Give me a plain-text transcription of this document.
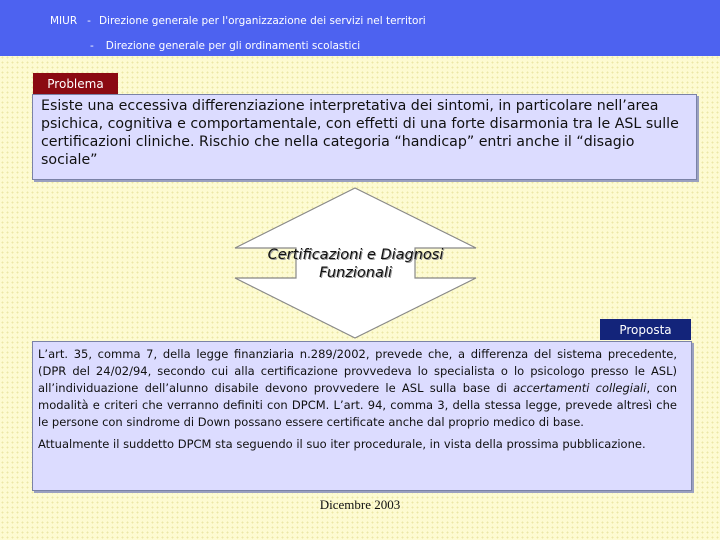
MIUR - Direzione generale per l'organizzazione dei servizi nel territori
- Direzione generale per gli ordinamenti scolastici
Problema
Esiste una eccessiva differenziazione interpretativa dei sintomi, in particolare nell’area psichica, cognitiva e comportamentale, con effetti di una forte disarmonia tra le ASL sulle certificazioni cliniche. Rischio che nella categoria “handicap” entri anche il “disagio sociale”
Certificazioni e Diagnosi
Funzionali
Proposta

L’art. 35, comma 7, della legge finanziaria n.289/2002, prevede che, a differenza del sistema precedente, (DPR del 24/02/94, secondo cui alla certificazione provvedeva lo specialista o lo psicologo presso le ASL) all’individuazione dell’alunno disabile devono provvedere le ASL sulla base di accertamenti collegiali, con modalità e criteri che verranno definiti con DPCM. L’art. 94, comma 3, della stessa legge, prevede altresì che le persone con sindrome di Down possano essere certificate anche dal proprio medico di base.

Attualmente il suddetto DPCM sta seguendo il suo iter procedurale, in vista della prossima pubblicazione.

Dicembre 2003
